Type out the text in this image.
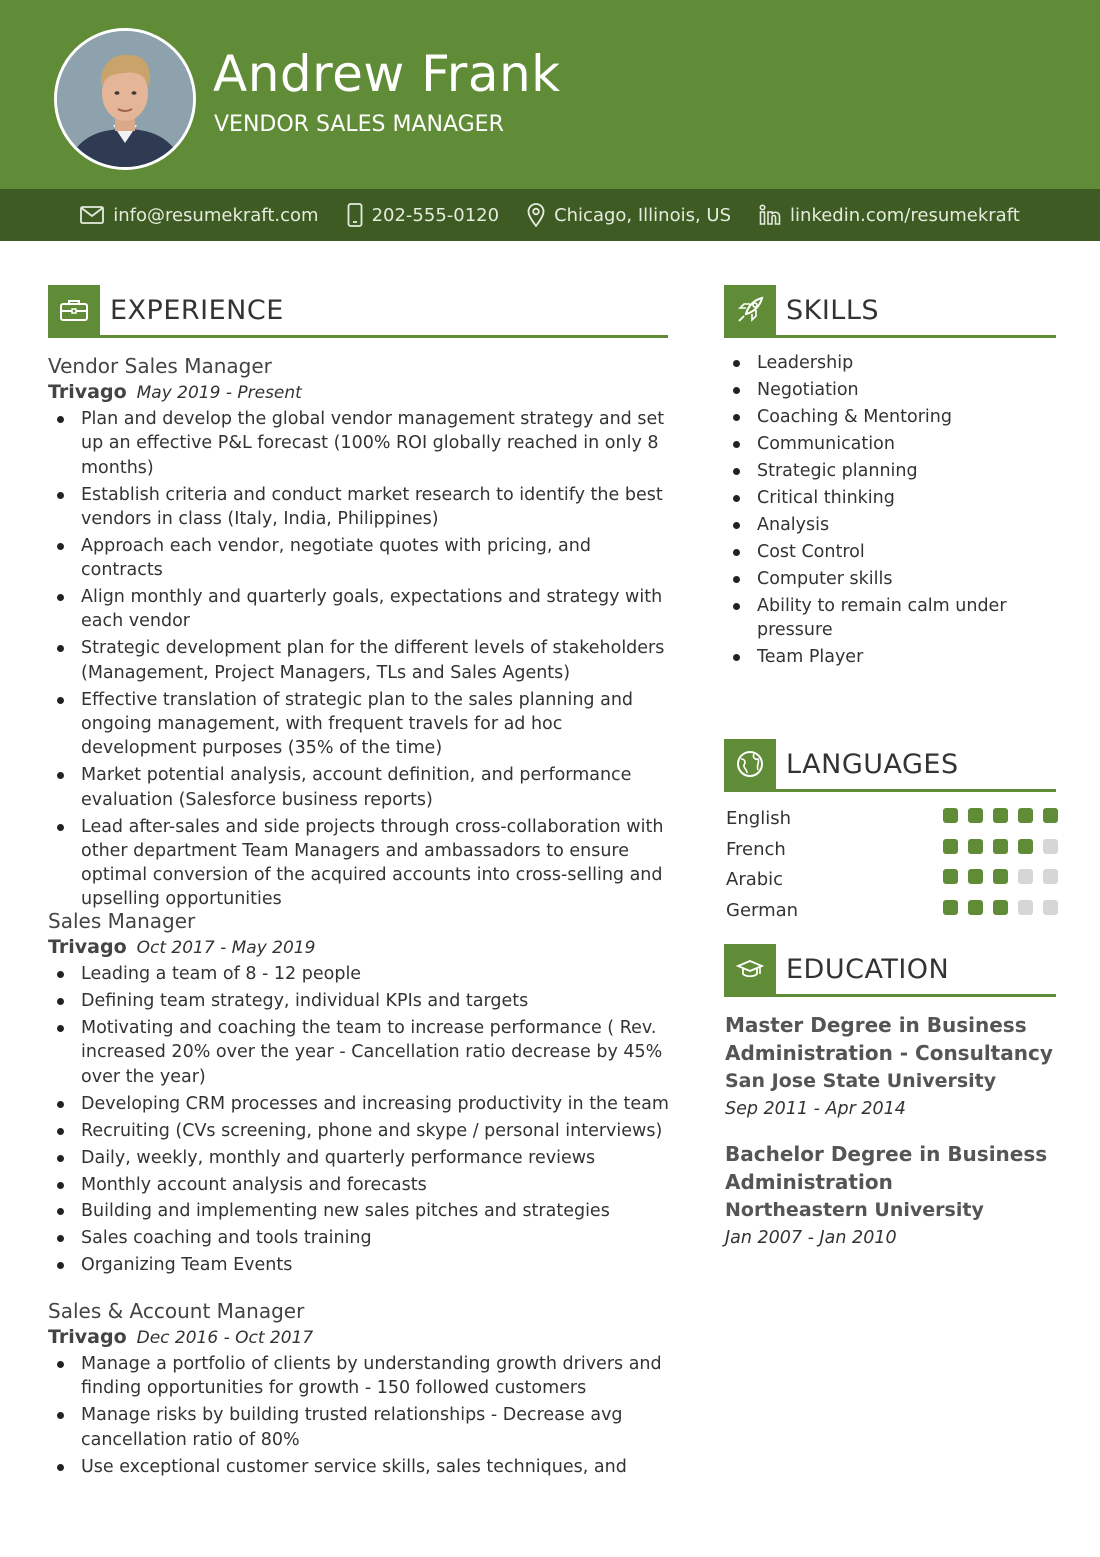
Andrew Frank
VENDOR SALES MANAGER
info@resumekraft.com	202-555-0120	Chicago, Illinois, US	linkedin.com/resumekraft
EXPERIENCE
Vendor Sales Manager
Trivago May 2019 - Present
Plan and develop the global vendor management strategy and set up an effective P&L forecast (100% ROI globally reached in only 8 months)
Establish criteria and conduct market research to identify the best vendors in class (Italy, India, Philippines)
Approach each vendor, negotiate quotes with pricing, and contracts
Align monthly and quarterly goals, expectations and strategy with each vendor
Strategic development plan for the different levels of stakeholders (Management, Project Managers, TLs and Sales Agents)
Effective translation of strategic plan to the sales planning and ongoing management, with frequent travels for ad hoc development purposes (35% of the time)
Market potential analysis, account definition, and performance evaluation (Salesforce business reports)
Lead after-sales and side projects through cross-collaboration with other department Team Managers and ambassadors to ensure optimal conversion of the acquired accounts into cross-selling and upselling opportunities
Sales Manager
Trivago Oct 2017 - May 2019
Leading a team of 8 - 12 people
Defining team strategy, individual KPIs and targets
Motivating and coaching the team to increase performance ( Rev. increased 20% over the year - Cancellation ratio decrease by 45% over the year)
Developing CRM processes and increasing productivity in the team
Recruiting (CVs screening, phone and skype / personal interviews)
Daily, weekly, monthly and quarterly performance reviews
Monthly account analysis and forecasts
Building and implementing new sales pitches and strategies
Sales coaching and tools training
Organizing Team Events
Sales & Account Manager
Trivago Dec 2016 - Oct 2017
Manage a portfolio of clients by understanding growth drivers and finding opportunities for growth - 150 followed customers
Manage risks by building trusted relationships - Decrease avg cancellation ratio of 80%
Use exceptional customer service skills, sales techniques, and
SKILLS
Leadership
Negotiation
Coaching & Mentoring
Communication
Strategic planning
Critical thinking
Analysis
Cost Control
Computer skills
Ability to remain calm under pressure
Team Player
LANGUAGES
English
French
Arabic
German
EDUCATION
Master Degree in Business Administration - Consultancy
San Jose State University
Sep 2011 - Apr 2014
Bachelor Degree in Business Administration
Northeastern University
Jan 2007 - Jan 2010
